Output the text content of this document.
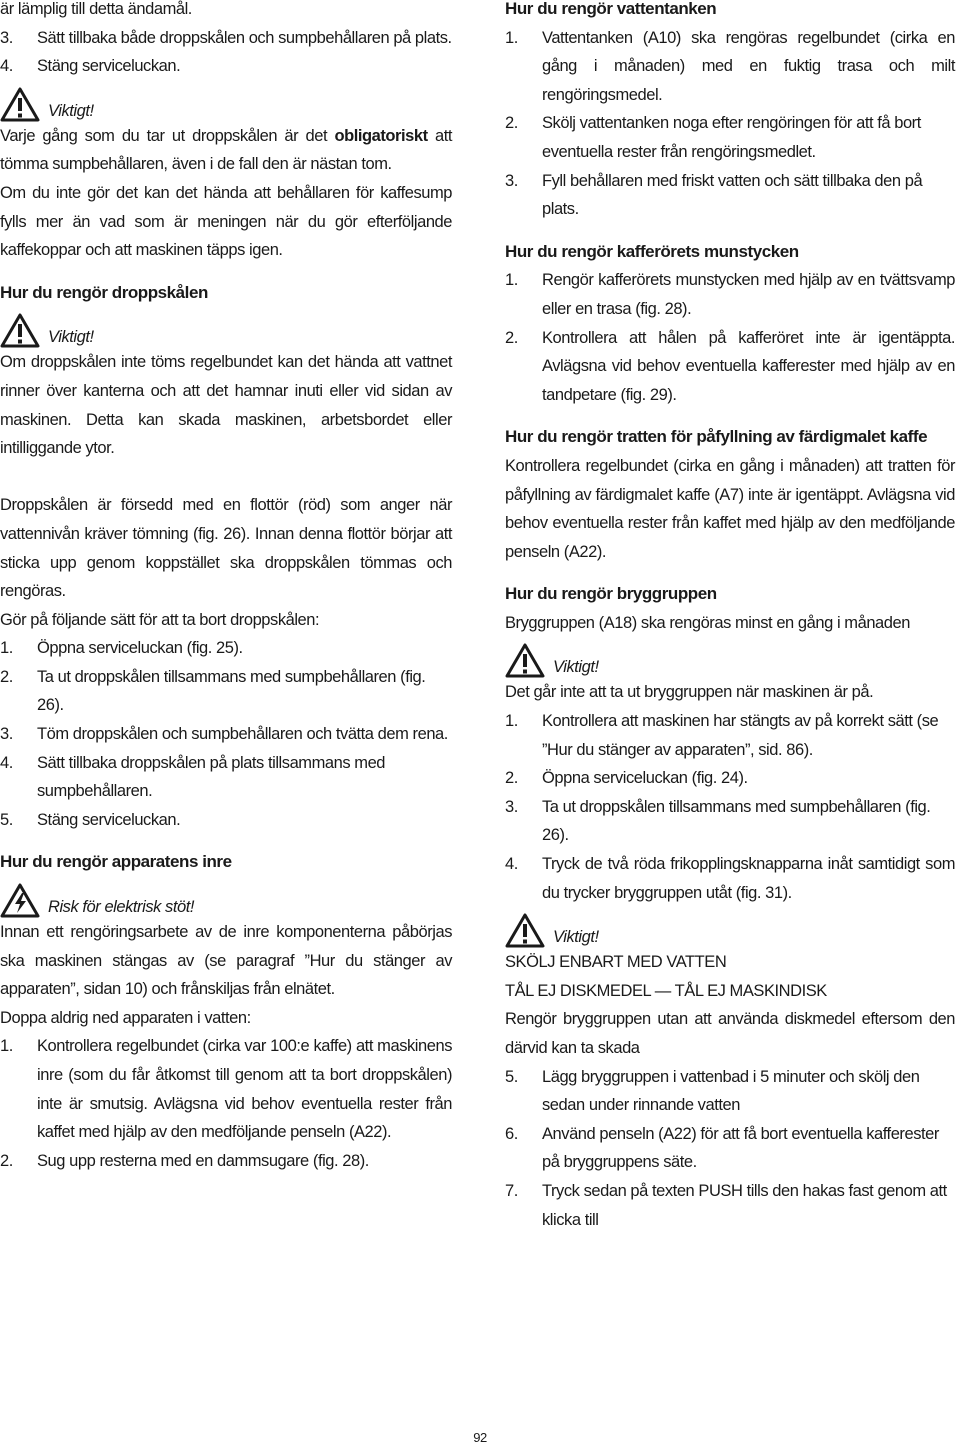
är lämplig till detta ändamål.

3. Sätt tillbaka både droppskålen och sumpbehållaren på plats.
4. Stäng serviceluckan.
Viktigt!

Varje gång som du tar ut droppskålen är det obligatoriskt att tömma sumpbehållaren, även i de fall den är nästan tom.

Om du inte gör det kan det hända att behållaren för kaffesump fylls mer än vad som är meningen när du gör efterföljande kaffekoppar och att maskinen täpps igen.

Hur du rengör droppskålen
Viktigt!

Om droppskålen inte töms regelbundet kan det hända att vattnet rinner över kanterna och att det hamnar inuti eller vid sidan av maskinen. Detta kan skada maskinen, arbetsbordet eller intilliggande ytor.

Droppskålen är försedd med en flottör (röd) som anger när vattennivån kräver tömning (fig. 26). Innan denna flottör börjar att sticka upp genom koppstället ska droppskålen tömmas och rengöras.

Gör på följande sätt för att ta bort droppskålen:

1. Öppna serviceluckan (fig. 25).
2. Ta ut droppskålen tillsammans med sumpbehållaren (fig. 26).
3. Töm droppskålen och sumpbehållaren och tvätta dem rena.
4. Sätt tillbaka droppskålen på plats tillsammans med sumpbehållaren.
5. Stäng serviceluckan.
Hur du rengör apparatens inre
Risk för elektrisk stöt!

Innan ett rengöringsarbete av de inre komponenterna påbörjas ska maskinen stängas av (se paragraf ”Hur du stänger av apparaten”, sidan 10) och frånskiljas från elnätet.

Doppa aldrig ned apparaten i vatten:

1. Kontrollera regelbundet (cirka var 100:e kaffe) att maskinens inre (som du får åtkomst till genom att ta bort droppskålen) inte är smutsig. Avlägsna vid behov eventuella rester från kaffet med hjälp av den medföljande penseln (A22).
2. Sug upp resterna med en dammsugare (fig. 28).
Hur du rengör vattentanken
1. Vattentanken (A10) ska rengöras regelbundet (cirka en gång i månaden) med en fuktig trasa och milt rengöringsmedel.
2. Skölj vattentanken noga efter rengöringen för att få bort eventuella rester från rengöringsmedlet.
3. Fyll behållaren med friskt vatten och sätt tillbaka den på plats.
Hur du rengör kafferörets munstycken
1. Rengör kafferörets munstycken med hjälp av en tvättsvamp eller en trasa (fig. 28).
2. Kontrollera att hålen på kafferöret inte är igentäppta. Avlägsna vid behov eventuella kafferester med hjälp av en tandpetare (fig. 29).
Hur du rengör tratten för påfyllning av färdigmalet kaffe

Kontrollera regelbundet (cirka en gång i månaden) att tratten för påfyllning av färdigmalet kaffe (A7) inte är igentäppt. Avlägsna vid behov eventuella rester från kaffet med hjälp av den medföljande penseln (A22).

Hur du rengör bryggruppen

Bryggruppen (A18) ska rengöras minst en gång i månaden

Viktigt!

Det går inte att ta ut bryggruppen när maskinen är på.

1. Kontrollera att maskinen har stängts av på korrekt sätt (se ”Hur du stänger av apparaten”, sid. 86).
2. Öppna serviceluckan (fig. 24).
3. Ta ut droppskålen tillsammans med sumpbehållaren (fig. 26).
4. Tryck de två röda frikopplingsknapparna inåt samtidigt som du trycker bryggruppen utåt (fig. 31).
Viktigt!

SKÖLJ ENBART MED VATTEN

TÅL EJ DISKMEDEL — TÅL EJ MASKINDISK

Rengör bryggruppen utan att använda diskmedel eftersom den därvid kan ta skada

5. Lägg bryggruppen i vattenbad i 5 minuter och skölj den sedan under rinnande vatten
6. Använd penseln (A22) för att få bort eventuella kafferester på bryggruppens säte.
7. Tryck sedan på texten PUSH tills den hakas fast genom att klicka till
92
